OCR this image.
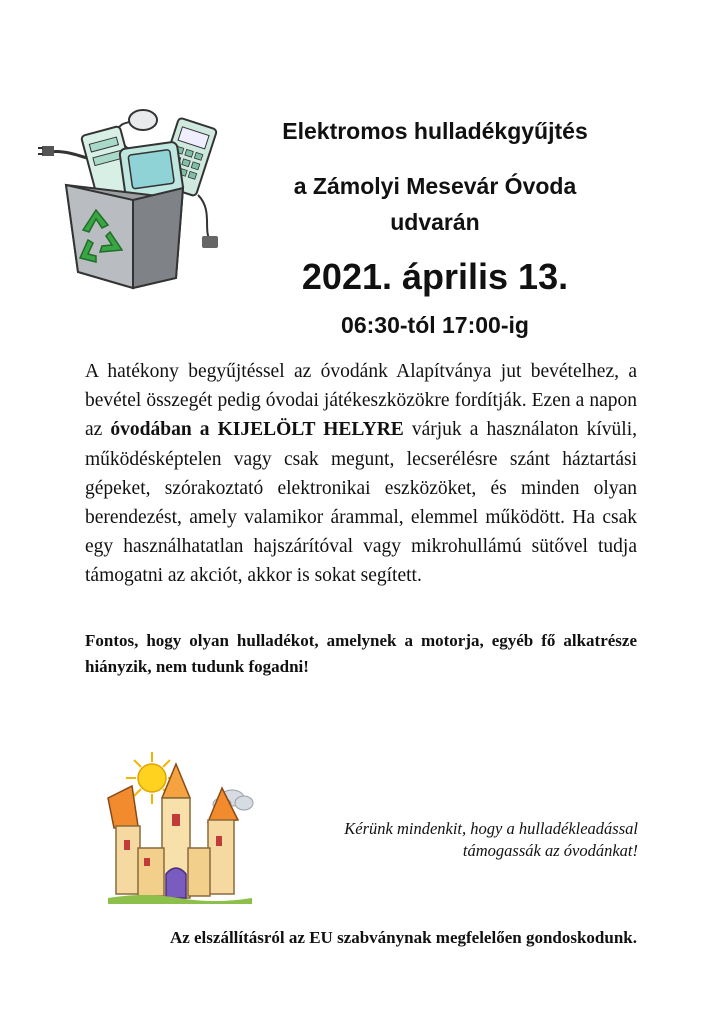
Elektromos hulladékgyűjtés
a Zámolyi Mesevár Óvoda
udvarán
2021. április 13.
06:30-tól 17:00-ig

A hatékony begyűjtéssel az óvodánk Alapítványa jut bevételhez, a bevétel összegét pedig óvodai játékeszközökre fordítják. Ezen a napon az óvodában a KIJELÖLT HELYRE várjuk a használaton kívüli, működésképtelen vagy csak megunt, lecserélésre szánt háztartási gépeket, szórakoztató elektronikai eszközöket, és minden olyan berendezést, amely valamikor árammal, elemmel működött. Ha csak egy használhatatlan hajszárítóval vagy mikrohullámú sütővel tudja támogatni az akciót, akkor is sokat segített.

Fontos, hogy olyan hulladékot, amelynek a motorja, egyéb fő alkatrésze hiányzik, nem tudunk fogadni!

Kérünk mindenkit, hogy a hulladékleadással
támogassák az óvodánkat!

Az elszállításról az EU szabványnak megfelelően gondoskodunk.
